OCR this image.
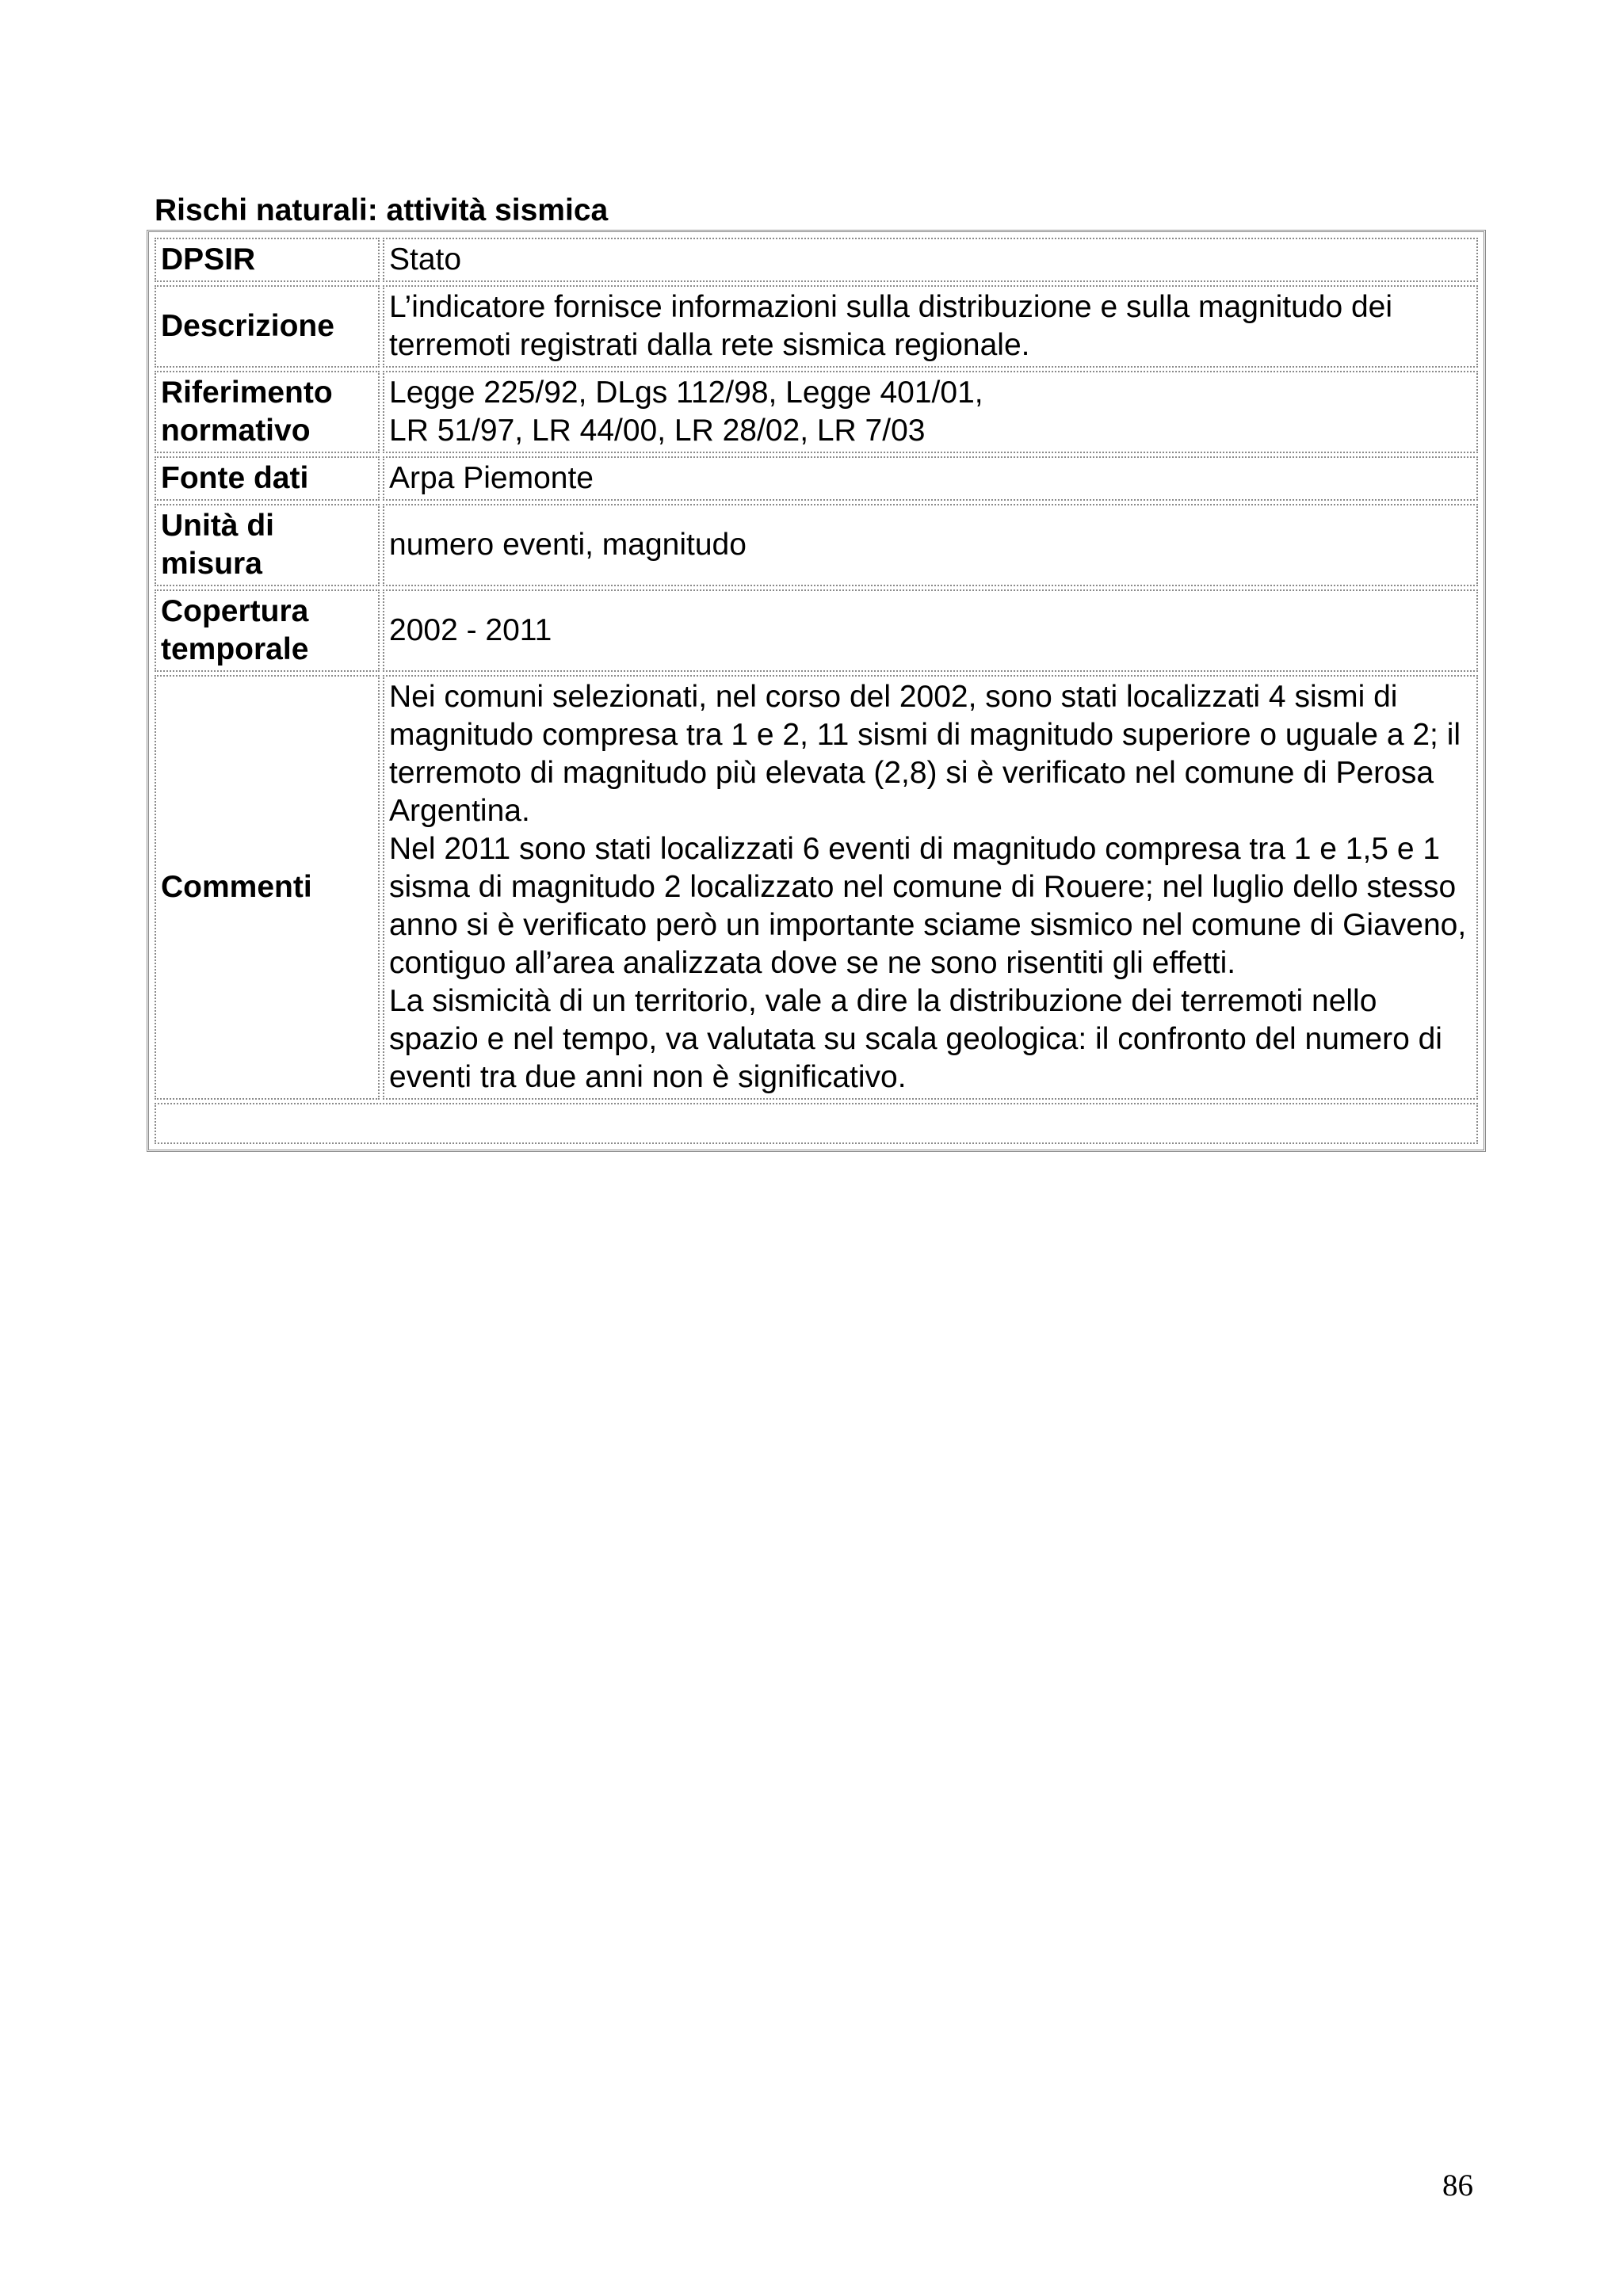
Rischi naturali: attività sismica
DPSIR	Stato

Descrizione	L’indicatore fornisce informazioni sulla distribuzione e sulla magnitudo dei terremoti registrati dalla rete sismica regionale.

Riferimento normativo	Legge 225/92, DLgs 112/98, Legge 401/01,
LR 51/97, LR 44/00, LR 28/02, LR 7/03

Fonte dati	Arpa Piemonte

Unità di misura	numero eventi, magnitudo

Copertura temporale	2002 - 2011

Commenti	Nei comuni selezionati, nel corso del 2002, sono stati localizzati 4 sismi di magnitudo compresa tra 1 e 2, 11 sismi di magnitudo superiore o uguale a 2; il terremoto di magnitudo più elevata (2,8) si è verificato nel comune di Perosa Argentina.
Nel 2011 sono stati localizzati 6 eventi di magnitudo compresa tra 1 e 1,5 e 1 sisma di magnitudo 2 localizzato nel comune di Rouere; nel luglio dello stesso anno si è verificato però un importante sciame sismico nel comune di Giaveno, contiguo all’area analizzata dove se ne sono risentiti gli effetti.
La sismicità di un territorio, vale a dire la distribuzione dei terremoti nello spazio e nel tempo, va valutata su scala geologica: il confronto del numero di eventi tra due anni non è significativo.

86
